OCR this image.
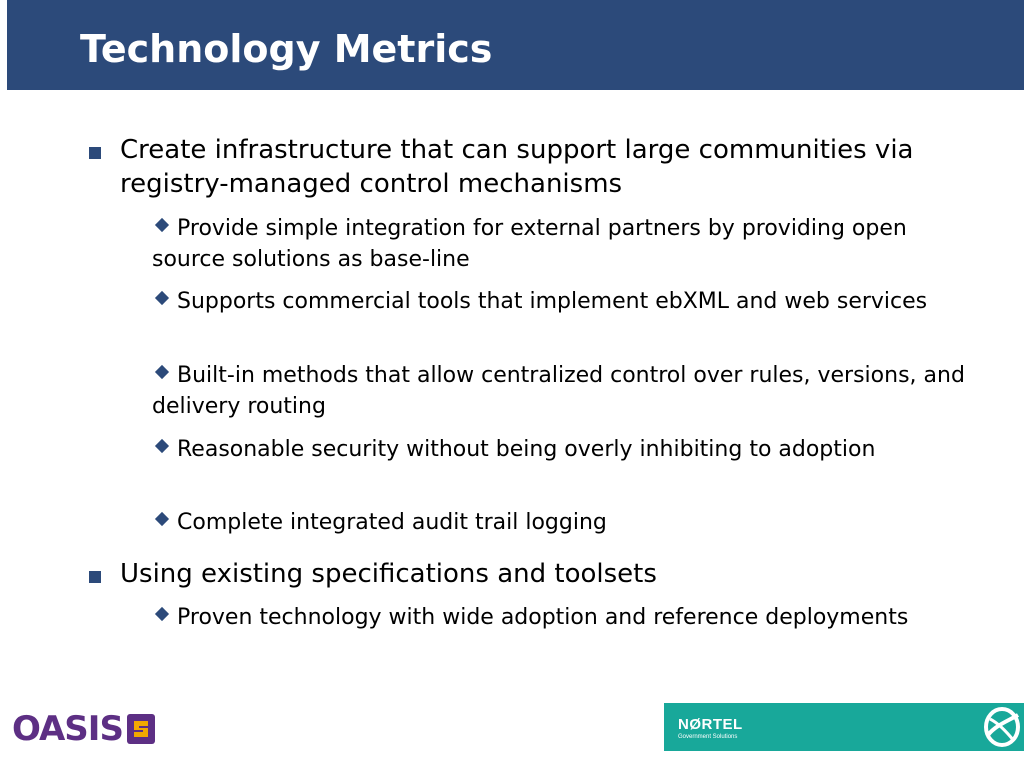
Technology Metrics

Create infrastructure that can support large communities via registry-managed control mechanisms

Provide simple integration for external partners by providing open source solutions as base-line

Supports commercial tools that implement ebXML and web services

Built-in methods that allow centralized control over rules, versions, and delivery routing

Reasonable security without being overly inhibiting to adoption

Complete integrated audit trail logging

Using existing specifications and toolsets

Proven technology with wide adoption and reference deployments

OASIS	NØRTEL
Government Solutions
